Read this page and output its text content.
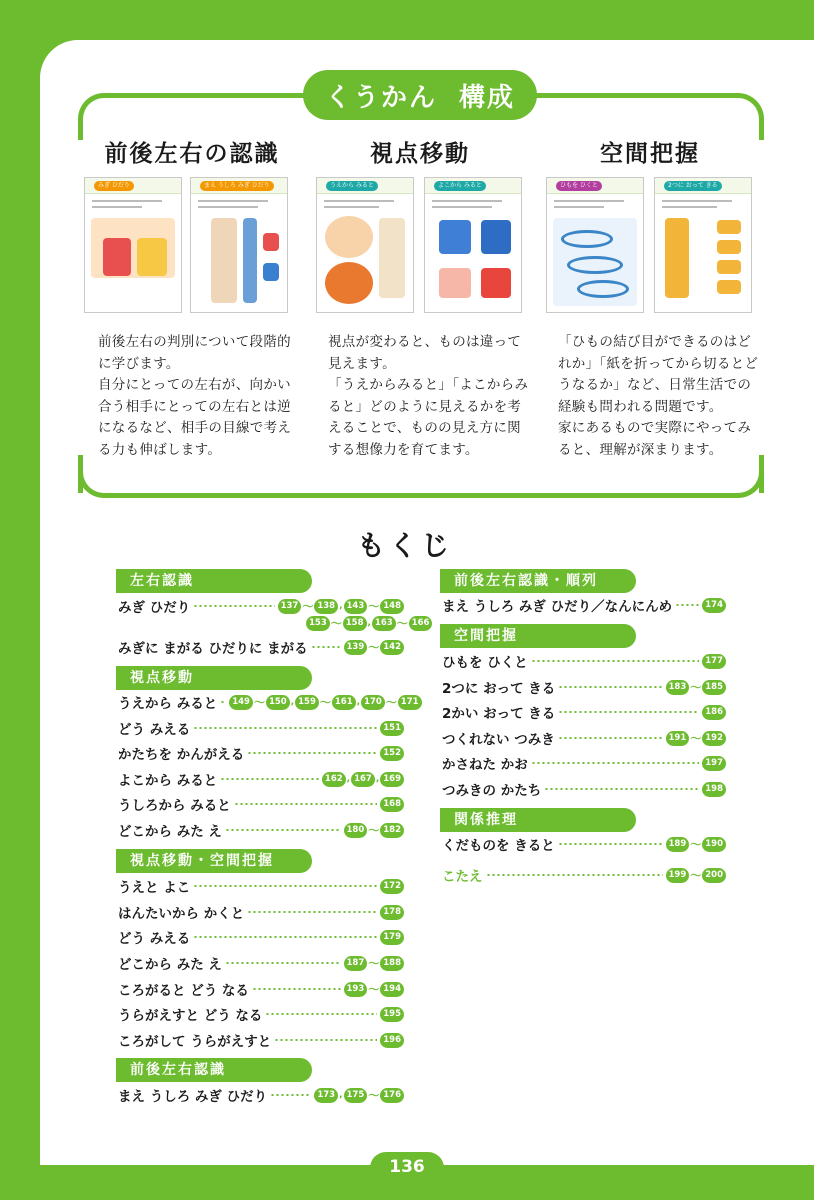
くうかん  構成
前後左右の認識
みぎ ひだり	まえ うしろ みぎ ひだり
前後左右の判別について段階的に学びます。
自分にとっての左右が、向かい合う相手にとっての左右とは逆になるなど、相手の目線で考える力も伸ばします。
視点移動
うえから みると	よこから みると
視点が変わると、ものは違って見えます。
「うえからみると」「よこからみると」どのように見えるかを考えることで、ものの見え方に関する想像力を育てます。
空間把握
ひもを ひくと	2つに おって きる
「ひもの結び目ができるのはどれか」「紙を折ってから切るとどうなるか」など、日常生活での経験も問われる問題です。
家にあるもので実際にやってみると、理解が深まります。
もくじ
左右認識
視点移動
視点移動・空間把握
前後左右認識
前後左右認識・順列
空間把握
関係推理
みぎ ひだり	137 ～ 138 , 143 ～ 148
153 ～ 158 , 163 ～ 166
みぎに まがる ひだりに まがる	139 ～ 142
うえから みると	149 ～ 150 , 159 ～ 161 , 170 ～ 171
どう みえる	151
かたちを かんがえる	152
よこから みると	162 , 167 , 169
うしろから みると	168
どこから みた え	180 ～ 182
うえと よこ	172
はんたいから かくと	178
どう みえる	179
どこから みた え	187 ～ 188
ころがると どう なる	193 ～ 194
うらがえすと どう なる	195
ころがして うらがえすと	196
まえ うしろ みぎ ひだり	173 , 175 ～ 176
まえ うしろ みぎ ひだり／なんにんめ	174
ひもを ひくと	177
2つに おって きる	183 ～ 185
2かい おって きる	186
つくれない つみき	191 ～ 192
かさねた かお	197
つみきの かたち	198
くだものを きると	189 ～ 190
こたえ	199 ～ 200
136
